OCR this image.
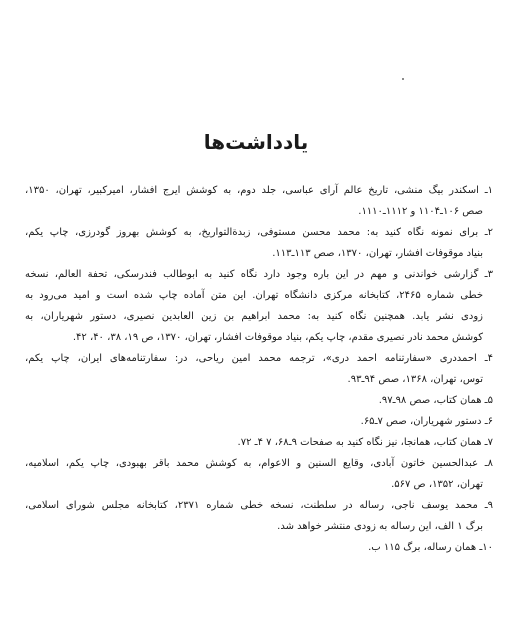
یادداشت‌ها
۱ـ اسکندر بیگ منشی، تاریخ عالم آرای عباسی، جلد دوم، به کوشش ایرج افشار، امیرکبیر، تهران، ۱۳۵۰،
صص ۱۰۶ـ۱۱۰۴ و ۱۱۱۲ـ۱۱۱۰.
۲ـ برای نمونه نگاه کنید به: محمد محسن مستوفی، زبدةالتواریخ، به کوشش بهروز گودرزی، چاپ یکم،
بنیاد موقوفات افشار، تهران، ۱۳۷۰، صص ۱۱۳ـ۱۱۳.
۳ـ گزارشی خواندنی و مهم در این باره وجود دارد نگاه کنید به ابوطالب فندرسکی، تحفة العالم، نسخه
خطی شماره ۲۴۶۵، کتابخانه مرکزی دانشگاه تهران. این متن آماده چاپ شده است و امید می‌رود به
زودی نشر یابد. همچنین نگاه کنید به: محمد ابراهیم بن زین العابدین نصیری، دستور شهریاران، به
کوشش محمد نادر نصیری مقدم، چاپ یکم، بنیاد موقوفات افشار، تهران، ۱۳۷۰، ص ۱۹، ۳۸، ۴۰، ۴۲.
۴ـ احمددری «سفارتنامه احمد دری»، ترجمه محمد امین ریاحی، در: سفارتنامه‌های ایران، چاپ یکم،
توس، تهران، ۱۳۶۸، صص ۹۴ـ۹۳.
۵ـ همان کتاب، صص ۹۸ـ۹۷.
۶ـ دستور شهریاران، صص ۷ـ۶۵.
۷ـ همان کتاب، همانجا، نیز نگاه کنید به صفحات ۹ـ۶۸، ۷ ۴ـ ۷۲.
۸ـ عبدالحسین خاتون آبادی، وقایع السنین و الاعوام، به کوشش محمد باقر بهبودی، چاپ یکم، اسلامیه،
تهران، ۱۳۵۲، ص ۵۶۷.
۹ـ محمد یوسف ناجی، رساله در سلطنت، نسخه خطی شماره ۲۳۷۱، کتابخانه مجلس شورای اسلامی،
برگ ۱ الف، این رساله به زودی منتشر خواهد شد.
۱۰ـ همان رساله، برگ ۱۱۵ ب.
